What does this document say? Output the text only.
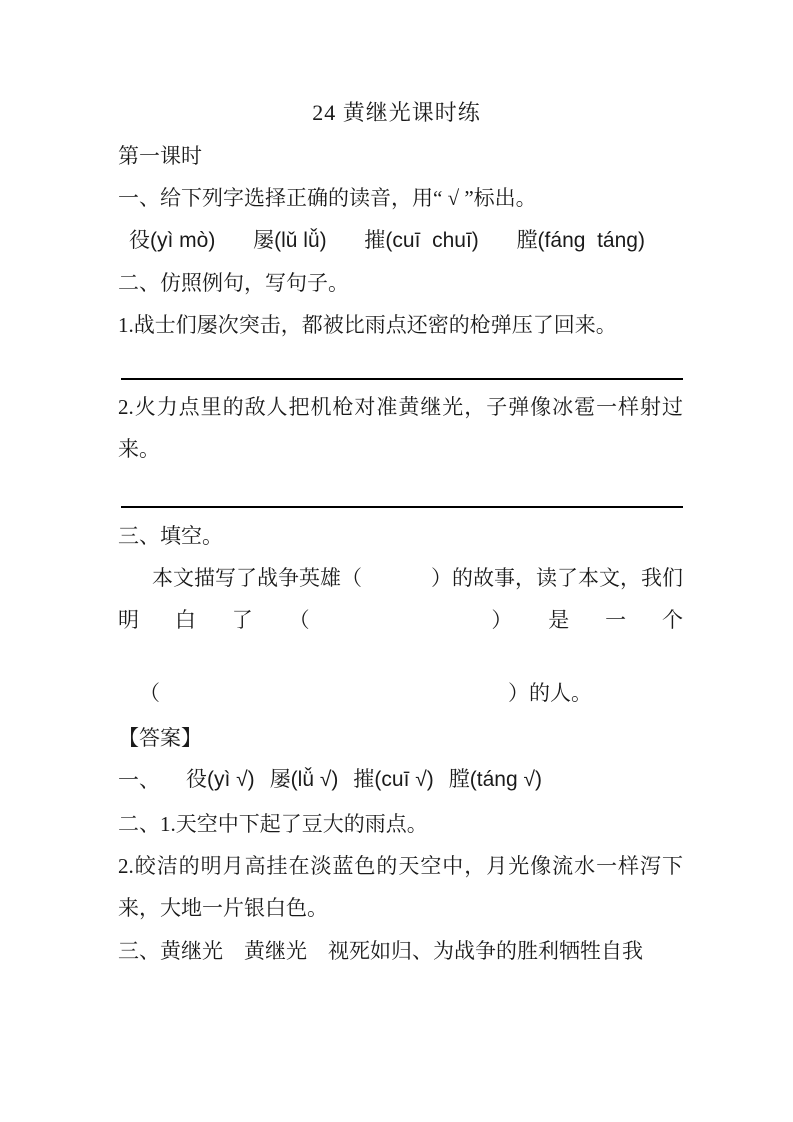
24 黄继光课时练
第一课时
一、给下列字选择正确的读音，用“ √ ”标出。
役(yì mò) 屡(lǔ lǚ) 摧(cuī  chuī) 膛(fáng  táng)
二、仿照例句，写句子。
1.战士们屡次突击，都被比雨点还密的枪弹压了回来。
2.火力点里的敌人把机枪对准黄继光，子弹像冰雹一样射过
来。
三、填空。
本文描写了战争英雄（	）的故事，读了本文，我们
明 白 了 （	） 是 一 个

（	）的人。

【答案】
一、 役(yì √) 屡(lǚ √) 摧(cuī √) 膛(táng √)
二、1.天空中下起了豆大的雨点。
2.皎洁的明月高挂在淡蓝色的天空中，月光像流水一样泻下
来，大地一片银白色。
三、黄继光　黄继光　视死如归、为战争的胜利牺牲自我
